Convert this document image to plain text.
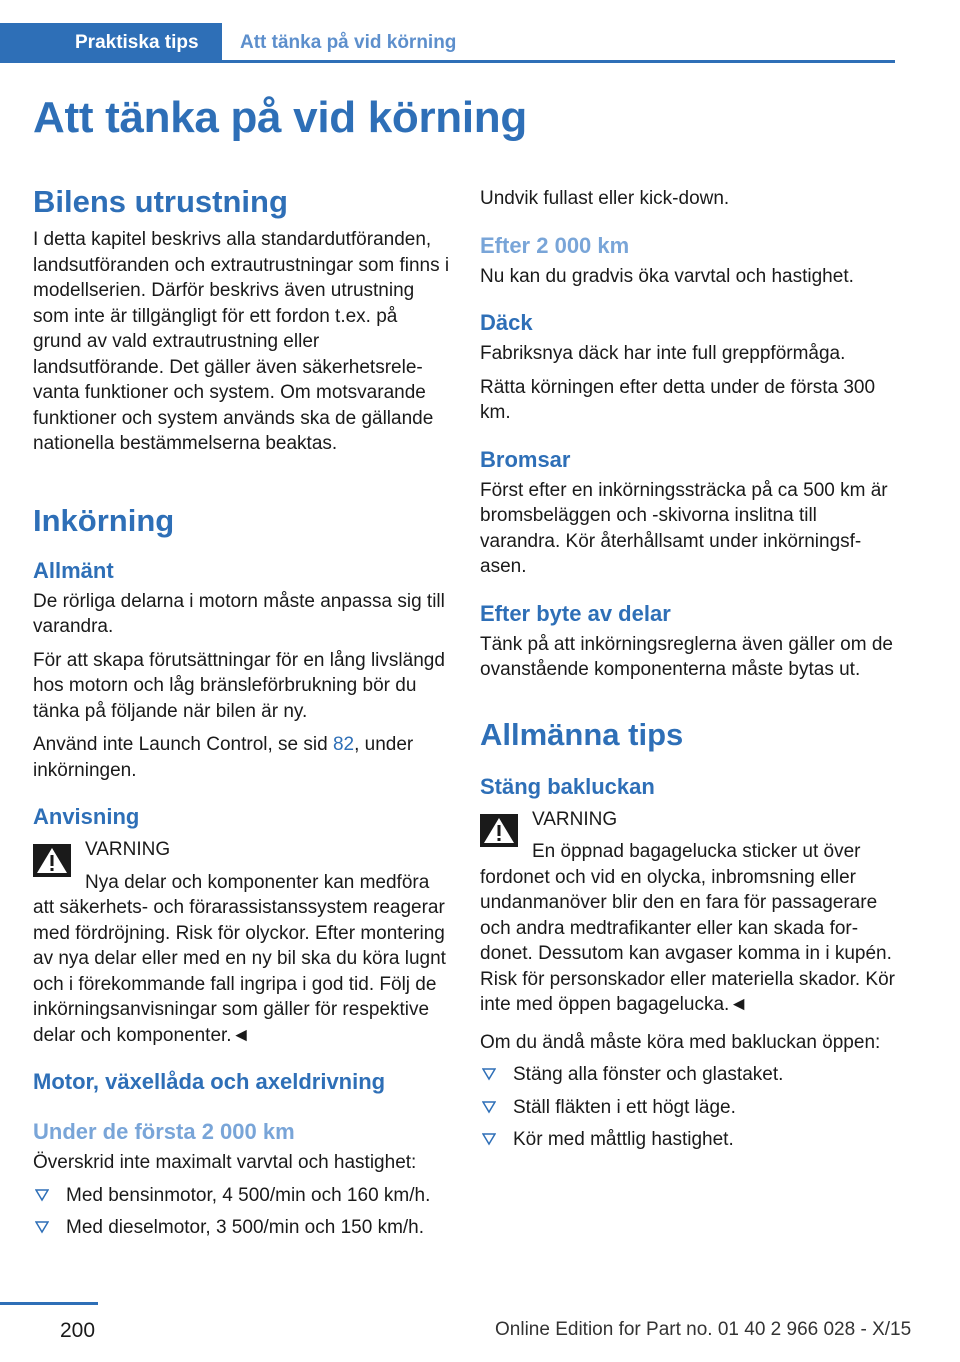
Praktiska tips	Att tänka på vid körning
Att tänka på vid körning
Bilens utrustning

I detta kapitel beskrivs alla standardutföranden, landsutföranden och extrautrustningar som finns i modellserien. Därför beskrivs även utrustning som inte är tillgängligt för ett fordon t.ex. på grund av vald extrautrustning eller landsutförande. Det gäller även säkerhetsrelevanta funktioner och system. Om motsvarande funktioner och system används ska de gällande nationella bestämmelserna beaktas.

Inkörning
Allmänt

De rörliga delarna i motorn måste anpassa sig till varandra.

För att skapa förutsättningar för en lång livslängd hos motorn och låg bränsleförbrukning bör du tänka på följande när bilen är ny.

Använd inte Launch Control, se sid 82, under inkörningen.

Anvisning

VARNING

Nya delar och komponenter kan medföra att säkerhets- och förarassistanssystem reagerar med fördröjning. Risk för olyckor. Efter montering av nya delar eller med en ny bil ska du köra lugnt och i förekommande fall ingripa i god tid. Följ de inkörningsanvisningar som gäller för respektive delar och komponenter.◄

Motor, växellåda och axeldrivning
Under de första 2 000 km

Överskrid inte maximalt varvtal och hastighet:

Med bensinmotor, 4 500/min och 160 km/h.
Med dieselmotor, 3 500/min och 150 km/h.

Undvik fullast eller kick-down.

Efter 2 000 km

Nu kan du gradvis öka varvtal och hastighet.

Däck

Fabriksnya däck har inte full greppförmåga.

Rätta körningen efter detta under de första 300 km.

Bromsar

Först efter en inkörningssträcka på ca 500 km är bromsbeläggen och -skivorna inslitna till varandra. Kör återhållsamt under inkörningsfasen.

Efter byte av delar

Tänk på att inkörningsreglerna även gäller om de ovanstående komponenterna måste bytas ut.

Allmänna tips
Stäng bakluckan

VARNING

En öppnad bagagelucka sticker ut över fordonet och vid en olycka, inbromsning eller undanmanöver blir den en fara för passagerare och andra medtrafikanter eller kan skada fordonet. Dessutom kan avgaser komma in i kupén. Risk för personskador eller materiella skador. Kör inte med öppen bagagelucka.◄

Om du ändå måste köra med bakluckan öppen:

Stäng alla fönster och glastaket.
Ställ fläkten i ett högt läge.
Kör med måttlig hastighet.
200	Online Edition for Part no. 01 40 2 966 028 - X/15
